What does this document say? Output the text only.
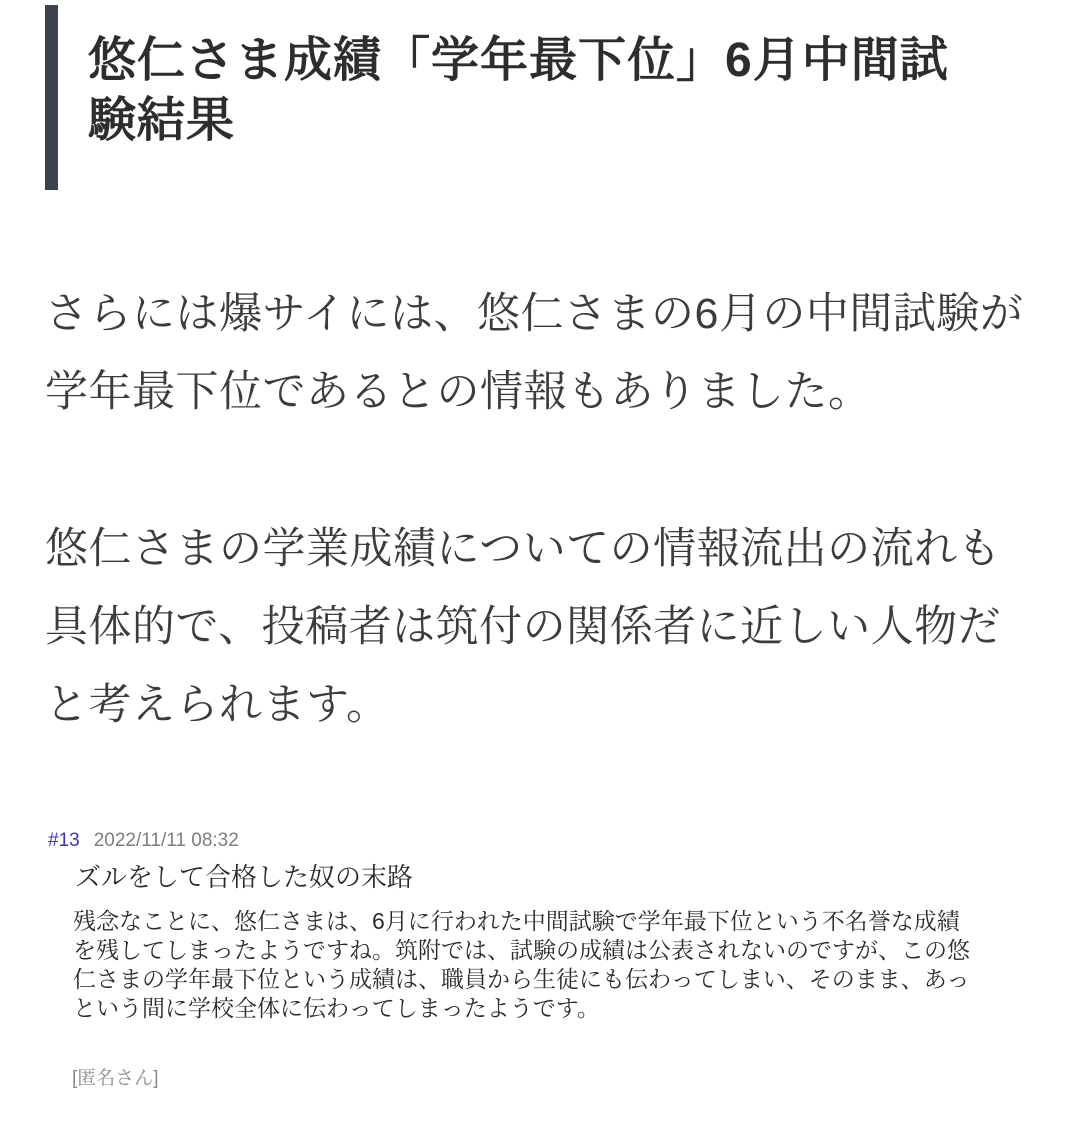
悠仁さま成績「学年最下位」6月中間試
験結果
さらには爆サイには、悠仁さまの6月の中間試験が
学年最下位であるとの情報もありました。
悠仁さまの学業成績についての情報流出の流れも
具体的で、投稿者は筑付の関係者に近しい人物だ
と考えられます。
#13 2022/11/11 08:32
ズルをして合格した奴の末路
残念なことに、悠仁さまは、6月に行われた中間試験で学年最下位という不名誉な成績
を残してしまったようですね。筑附では、試験の成績は公表されないのですが、この悠
仁さまの学年最下位という成績は、職員から生徒にも伝わってしまい、そのまま、あっ
という間に学校全体に伝わってしまったようです。
[匿名さん]
